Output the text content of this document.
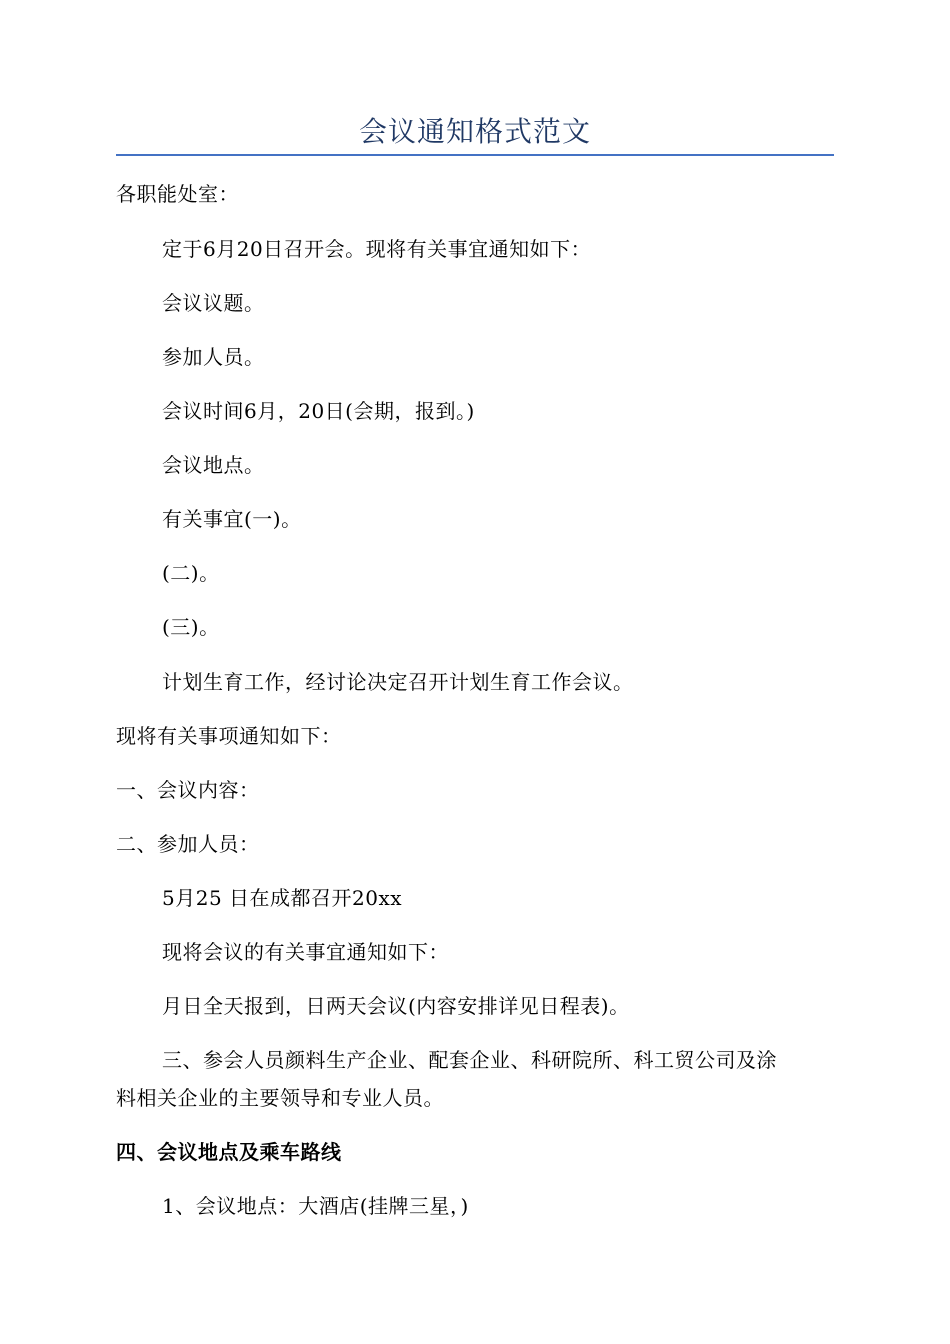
会议通知格式范文
各职能处室：
定于6月20日召开会。现将有关事宜通知如下：
会议议题。
参加人员。
会议时间6月，20日(会期，报到。)
会议地点。
有关事宜(一)。
(二)。
(三)。
计划生育工作，经讨论决定召开计划生育工作会议。
现将有关事项通知如下：
一、会议内容：
二、参加人员：
5月25 日在成都召开20xx
现将会议的有关事宜通知如下：
月日全天报到，日两天会议(内容安排详见日程表)。
三、参会人员颜料生产企业、配套企业、科研院所、科工贸公司及涂
料相关企业的主要领导和专业人员。
四、会议地点及乘车路线
1、会议地点：大酒店(挂牌三星，)
